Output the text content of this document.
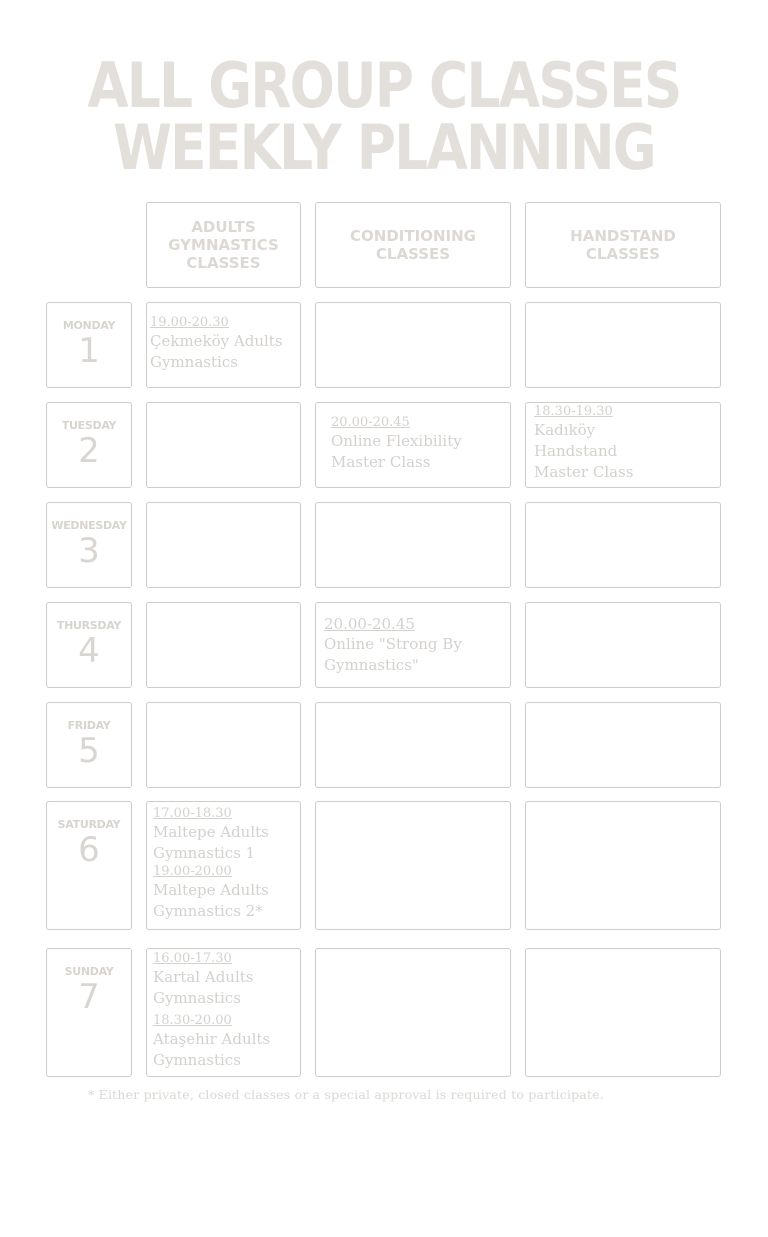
ALL GROUP CLASSES
WEEKLY PLANNING
ADULTS GYMNASTICS CLASSES
CONDITIONING CLASSES
HANDSTAND CLASSES
MONDAY
1
19.00-20.30
Çekmeköy Adults Gymnastics
TUESDAY
2
20.00-20.45
Online Flexibility Master Class
18.30-19.30
Kadıköy Handstand Master Class
WEDNESDAY
3
THURSDAY
4
20.00-20.45
Online "Strong By Gymnastics"
FRIDAY
5
SATURDAY
6
17.00-18.30
Maltepe Adults Gymnastics 1
19.00-20.00
Maltepe Adults Gymnastics 2*
SUNDAY
7
16.00-17.30
Kartal Adults Gymnastics
18.30-20.00
Ataşehir Adults Gymnastics
* Either private, closed classes or a special approval is required to participate.
